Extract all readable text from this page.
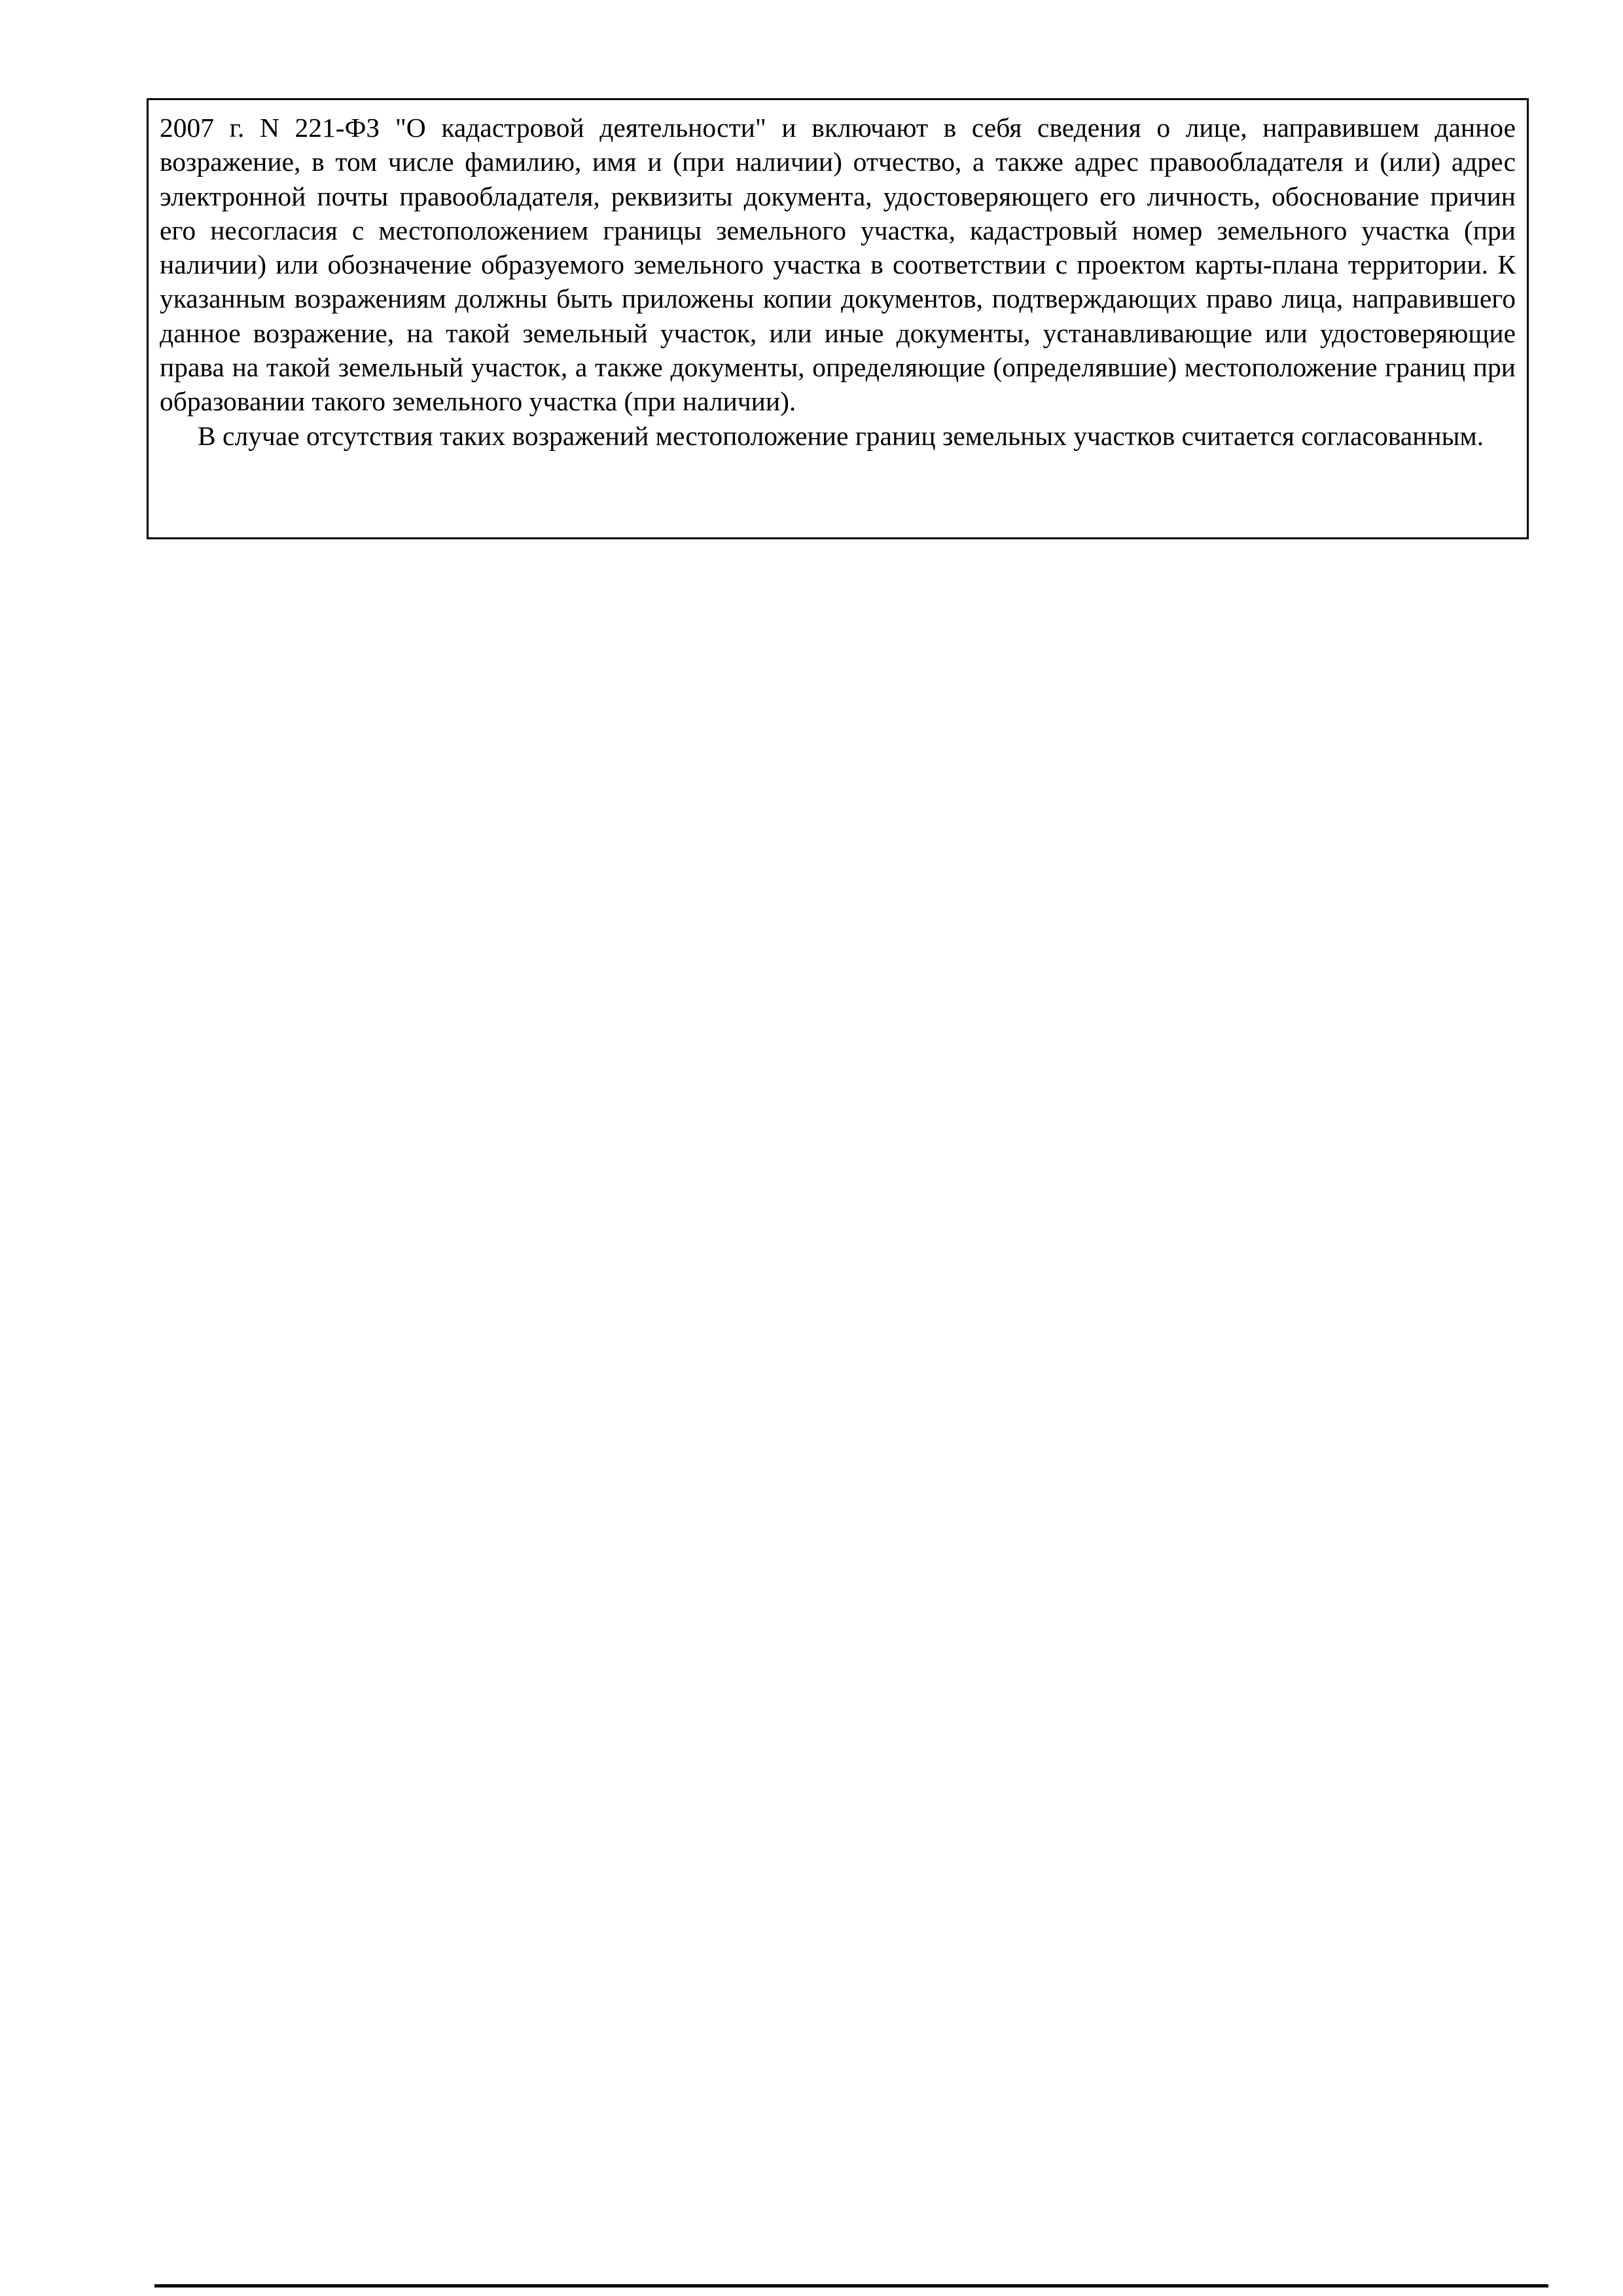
2007 г. N 221-ФЗ "О кадастровой деятельности" и включают в себя сведения о лице, направившем данное возражение, в том числе фамилию, имя и (при наличии) отчество, а также адрес правообладателя и (или) адрес электронной почты правообладателя, реквизиты документа, удостоверяющего его личность, обоснование причин его несогласия с местоположением границы земельного участка, кадастровый номер земельного участка (при наличии) или обозначение образуемого земельного участка в соответствии с проектом карты-плана территории. К указанным возражениям должны быть приложены копии документов, подтверждающих право лица, направившего данное возражение, на такой земельный участок, или иные документы, устанавливающие или удостоверяющие права на такой земельный участок, а также документы, определяющие (определявшие) местоположение границ при образовании такого земельного участка (при наличии).

В случае отсутствия таких возражений местоположение границ земельных участков считается согласованным.
